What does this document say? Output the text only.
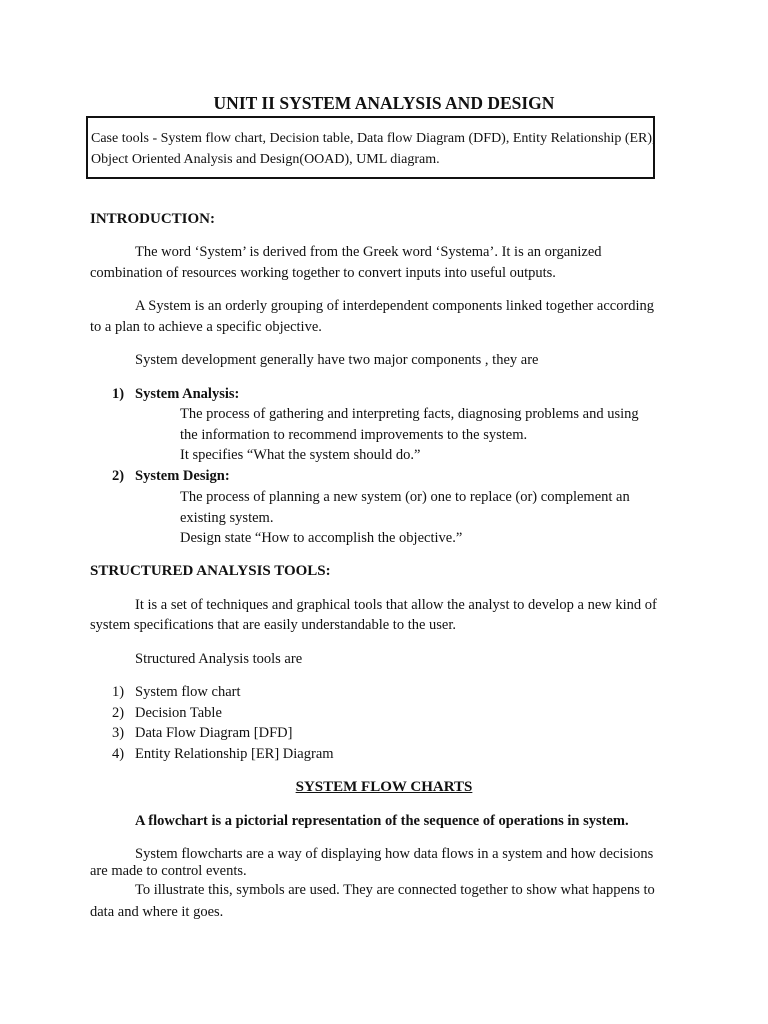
UNIT II SYSTEM ANALYSIS AND DESIGN
Case tools - System flow chart, Decision table, Data flow Diagram (DFD), Entity Relationship (ER),
Object Oriented Analysis and Design(OOAD), UML diagram.
INTRODUCTION:

The word ‘System’ is derived from the Greek word ‘Systema’. It is an organized

combination of resources working together to convert inputs into useful outputs.

A System is an orderly grouping of interdependent components linked together according

to a plan to achieve a specific objective.

System development generally have two major components , they are

1) System Analysis:

The process of gathering and interpreting facts, diagnosing problems and using

the information to recommend improvements to the system.

It specifies “What the system should do.”

2) System Design:

The process of planning a new system (or) one to replace (or) complement an

existing system.

Design state “How to accomplish the objective.”

STRUCTURED ANALYSIS TOOLS:

It is a set of techniques and graphical tools that allow the analyst to develop a new kind of

system specifications that are easily understandable to the user.

Structured Analysis tools are

1) System flow chart
2) Decision Table
3) Data Flow Diagram [DFD]
4) Entity Relationship [ER] Diagram
SYSTEM FLOW CHARTS

A flowchart is a pictorial representation of the sequence of operations in system.

System flowcharts are a way of displaying how data flows in a system and how decisions

are made to control events.

To illustrate this, symbols are used. They are connected together to show what happens to

data and where it goes.
